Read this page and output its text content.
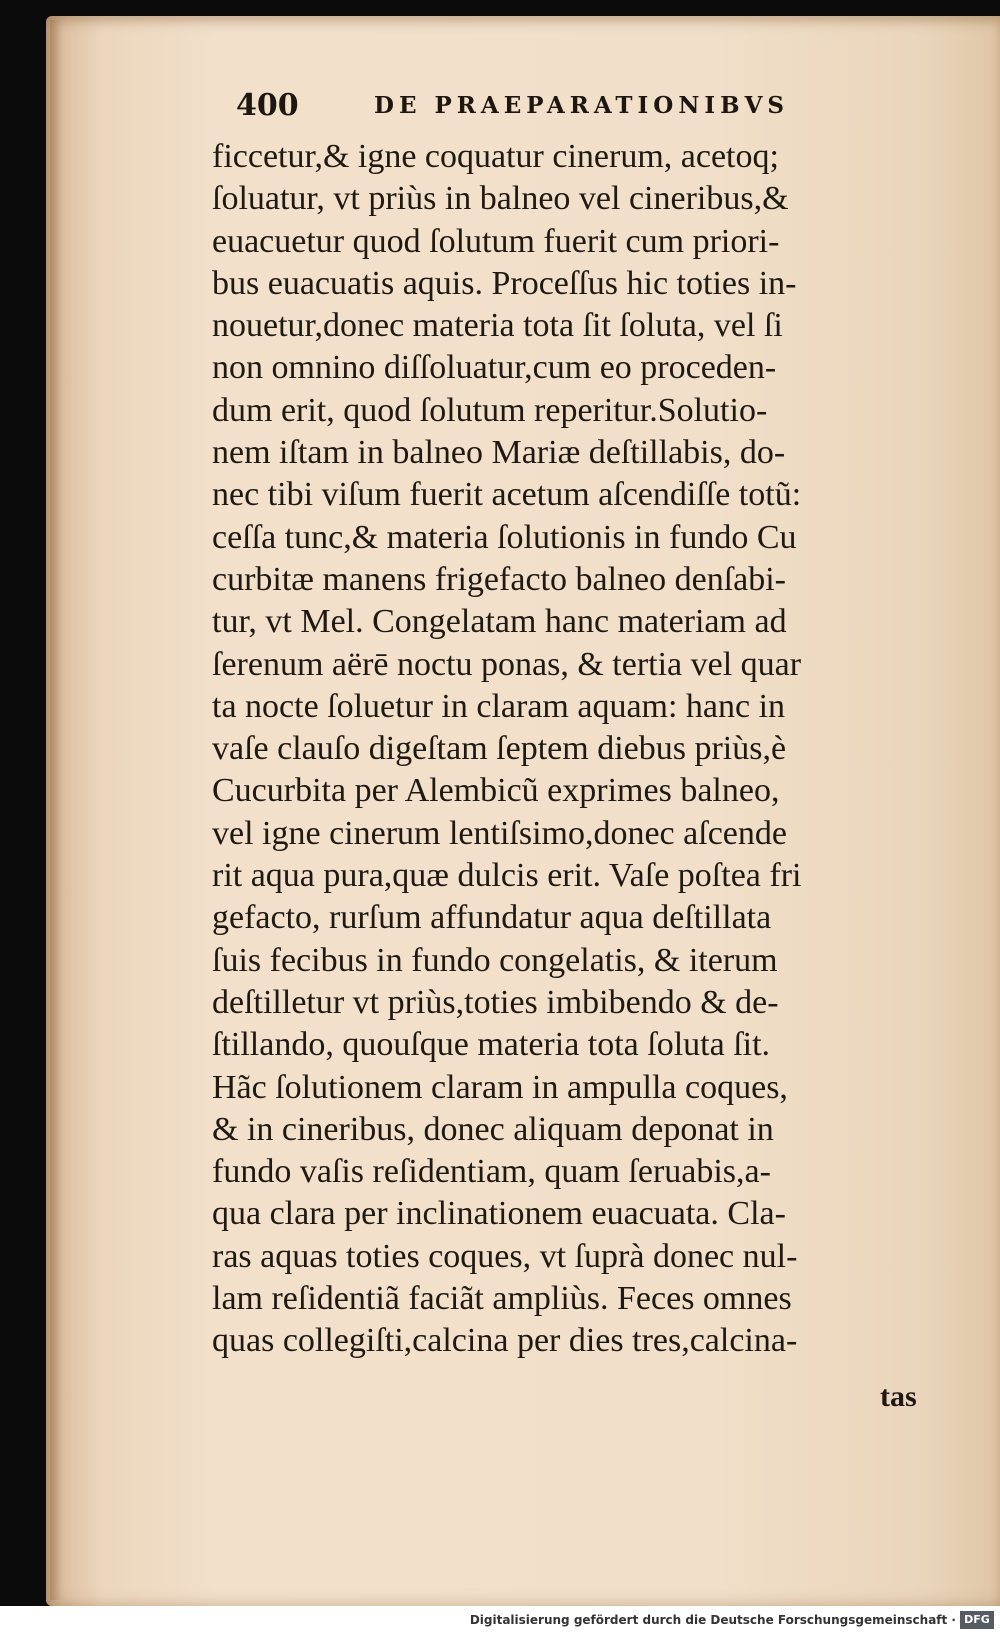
400	DE PRAEPARATIONIBVS
ficcetur,& igne coquatur cinerum, acetoq;
ſoluatur, vt priùs in balneo vel cineribus,&
euacuetur quod ſolutum fuerit cum priori-
bus euacuatis aquis. Proceſſus hic toties in-
nouetur,donec materia tota ſit ſoluta, vel ſi
non omnino diſſoluatur,cum eo proceden-
dum erit, quod ſolutum reperitur.Solutio-
nem iſtam in balneo Mariæ deſtillabis, do-
nec tibi viſum fuerit acetum aſcendiſſe totũ:
ceſſa tunc,& materia ſolutionis in fundo Cu
curbitæ manens frigefacto balneo denſabi-
tur, vt Mel. Congelatam hanc materiam ad
ſerenum aërē noctu ponas, & tertia vel quar
ta nocte ſoluetur in claram aquam: hanc in
vaſe clauſo digeſtam ſeptem diebus priùs,è
Cucurbita per Alembicũ exprimes balneo,
vel igne cinerum lentiſsimo,donec aſcende
rit aqua pura,quæ dulcis erit. Vaſe poſtea fri
gefacto, rurſum affundatur aqua deſtillata
ſuis fecibus in fundo congelatis, & iterum
deſtilletur vt priùs,toties imbibendo & de-
ſtillando, quouſque materia tota ſoluta ſit.
Hãc ſolutionem claram in ampulla coques,
& in cineribus, donec aliquam deponat in
fundo vaſis reſidentiam, quam ſeruabis,a-
qua clara per inclinationem euacuata. Cla-
ras aquas toties coques, vt ſuprà donec nul-
lam reſidentiã faciãt ampliùs. Feces omnes
quas collegiſti,calcina per dies tres,calcina-
tas
Digitalisierung gefördert durch die Deutsche Forschungsgemeinschaft · DFG
